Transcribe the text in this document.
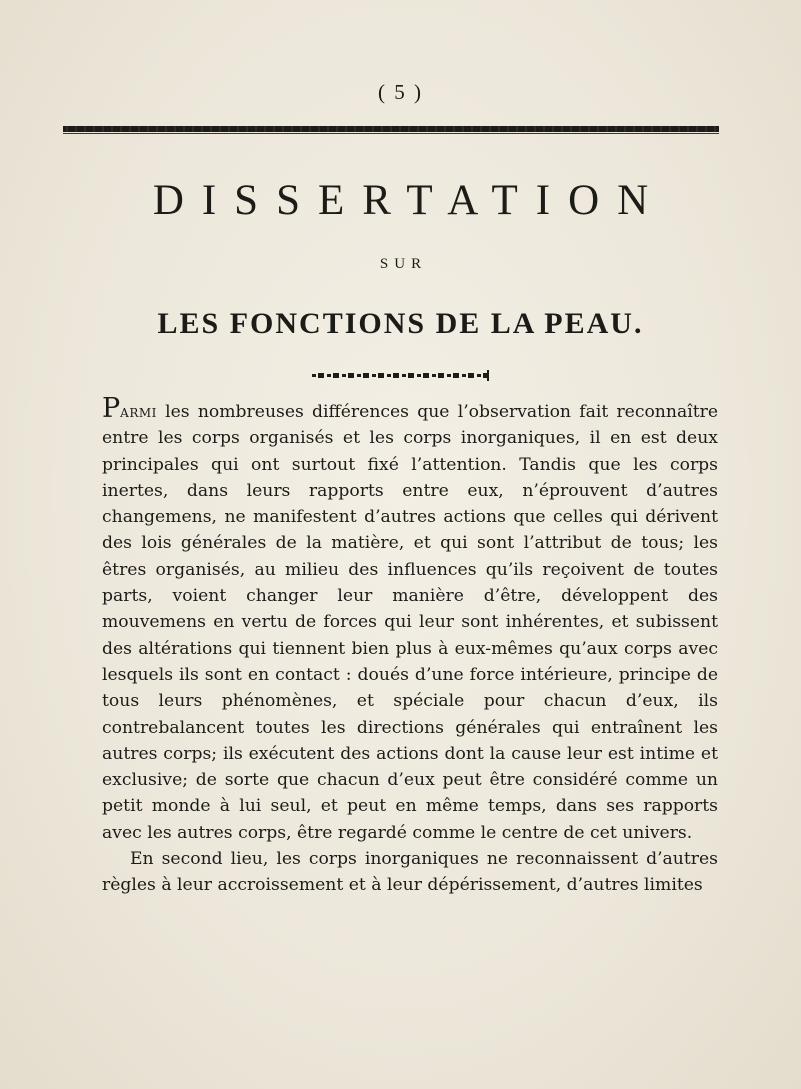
( 5 )
DISSERTATION
SUR
LES FONCTIONS DE LA PEAU.

Parmi les nombreuses différences que l’observation fait reconnaître entre les corps organisés et les corps inorganiques, il en est deux principales qui ont surtout fixé l’attention. Tandis que les corps inertes, dans leurs rapports entre eux, n’éprouvent d’autres changemens, ne manifestent d’autres actions que celles qui dérivent des lois générales de la matière, et qui sont l’attribut de tous; les êtres organisés, au milieu des influences qu’ils reçoivent de toutes parts, voient changer leur manière d’être, développent des mouvemens en vertu de forces qui leur sont inhérentes, et subissent des altérations qui tiennent bien plus à eux-mêmes qu’aux corps avec lesquels ils sont en contact : doués d’une force intérieure, principe de tous leurs phénomènes, et spéciale pour chacun d’eux, ils contrebalancent toutes les directions générales qui entraînent les autres corps; ils exécutent des actions dont la cause leur est intime et exclusive; de sorte que chacun d’eux peut être considéré comme un petit monde à lui seul, et peut en même temps, dans ses rapports avec les autres corps, être regardé comme le centre de cet univers.

En second lieu, les corps inorganiques ne reconnaissent d’autres règles à leur accroissement et à leur dépérissement, d’autres limites
